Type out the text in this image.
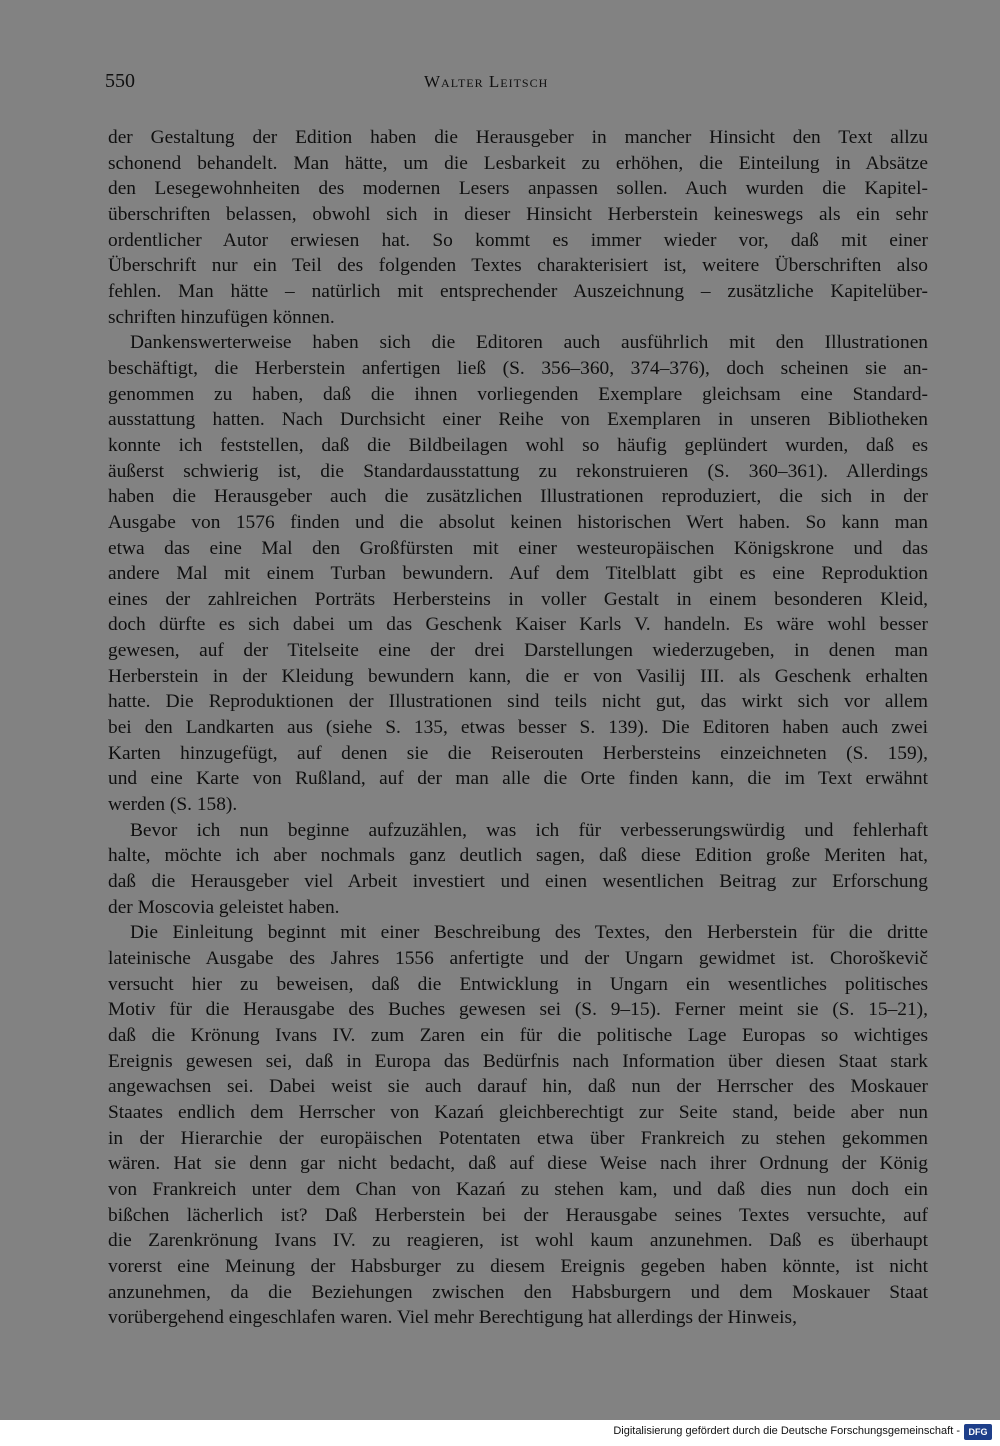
550	Walter Leitsch
der Gestaltung der Edition haben die Herausgeber in mancher Hinsicht den Text allzu
schonend behandelt. Man hätte, um die Lesbarkeit zu erhöhen, die Einteilung in Absätze
den Lesegewohnheiten des modernen Lesers anpassen sollen. Auch wurden die Kapitel-
überschriften belassen, obwohl sich in dieser Hinsicht Herberstein keineswegs als ein sehr
ordentlicher Autor erwiesen hat. So kommt es immer wieder vor, daß mit einer
Überschrift nur ein Teil des folgenden Textes charakterisiert ist, weitere Überschriften also
fehlen. Man hätte – natürlich mit entsprechender Auszeichnung – zusätzliche Kapitelüber-
schriften hinzufügen können.
Dankenswerterweise haben sich die Editoren auch ausführlich mit den Illustrationen
beschäftigt, die Herberstein anfertigen ließ (S. 356–360, 374–376), doch scheinen sie an-
genommen zu haben, daß die ihnen vorliegenden Exemplare gleichsam eine Standard-
ausstattung hatten. Nach Durchsicht einer Reihe von Exemplaren in unseren Bibliotheken
konnte ich feststellen, daß die Bildbeilagen wohl so häufig geplündert wurden, daß es
äußerst schwierig ist, die Standardausstattung zu rekonstruieren (S. 360–361). Allerdings
haben die Herausgeber auch die zusätzlichen Illustrationen reproduziert, die sich in der
Ausgabe von 1576 finden und die absolut keinen historischen Wert haben. So kann man
etwa das eine Mal den Großfürsten mit einer westeuropäischen Königskrone und das
andere Mal mit einem Turban bewundern. Auf dem Titelblatt gibt es eine Reproduktion
eines der zahlreichen Porträts Herbersteins in voller Gestalt in einem besonderen Kleid,
doch dürfte es sich dabei um das Geschenk Kaiser Karls V. handeln. Es wäre wohl besser
gewesen, auf der Titelseite eine der drei Darstellungen wiederzugeben, in denen man
Herberstein in der Kleidung bewundern kann, die er von Vasilij III. als Geschenk erhalten
hatte. Die Reproduktionen der Illustrationen sind teils nicht gut, das wirkt sich vor allem
bei den Landkarten aus (siehe S. 135, etwas besser S. 139). Die Editoren haben auch zwei
Karten hinzugefügt, auf denen sie die Reiserouten Herbersteins einzeichneten (S. 159),
und eine Karte von Rußland, auf der man alle die Orte finden kann, die im Text erwähnt
werden (S. 158).
Bevor ich nun beginne aufzuzählen, was ich für verbesserungswürdig und fehlerhaft
halte, möchte ich aber nochmals ganz deutlich sagen, daß diese Edition große Meriten hat,
daß die Herausgeber viel Arbeit investiert und einen wesentlichen Beitrag zur Erforschung
der Moscovia geleistet haben.
Die Einleitung beginnt mit einer Beschreibung des Textes, den Herberstein für die dritte
lateinische Ausgabe des Jahres 1556 anfertigte und der Ungarn gewidmet ist. Choroškevič
versucht hier zu beweisen, daß die Entwicklung in Ungarn ein wesentliches politisches
Motiv für die Herausgabe des Buches gewesen sei (S. 9–15). Ferner meint sie (S. 15–21),
daß die Krönung Ivans IV. zum Zaren ein für die politische Lage Europas so wichtiges
Ereignis gewesen sei, daß in Europa das Bedürfnis nach Information über diesen Staat stark
angewachsen sei. Dabei weist sie auch darauf hin, daß nun der Herrscher des Moskauer
Staates endlich dem Herrscher von Kazań gleichberechtigt zur Seite stand, beide aber nun
in der Hierarchie der europäischen Potentaten etwa über Frankreich zu stehen gekommen
wären. Hat sie denn gar nicht bedacht, daß auf diese Weise nach ihrer Ordnung der König
von Frankreich unter dem Chan von Kazań zu stehen kam, und daß dies nun doch ein
bißchen lächerlich ist? Daß Herberstein bei der Herausgabe seines Textes versuchte, auf
die Zarenkrönung Ivans IV. zu reagieren, ist wohl kaum anzunehmen. Daß es überhaupt
vorerst eine Meinung der Habsburger zu diesem Ereignis gegeben haben könnte, ist nicht
anzunehmen, da die Beziehungen zwischen den Habsburgern und dem Moskauer Staat
vorübergehend eingeschlafen waren. Viel mehr Berechtigung hat allerdings der Hinweis,
Digitalisierung gefördert durch die Deutsche Forschungsgemeinschaft - DFG
